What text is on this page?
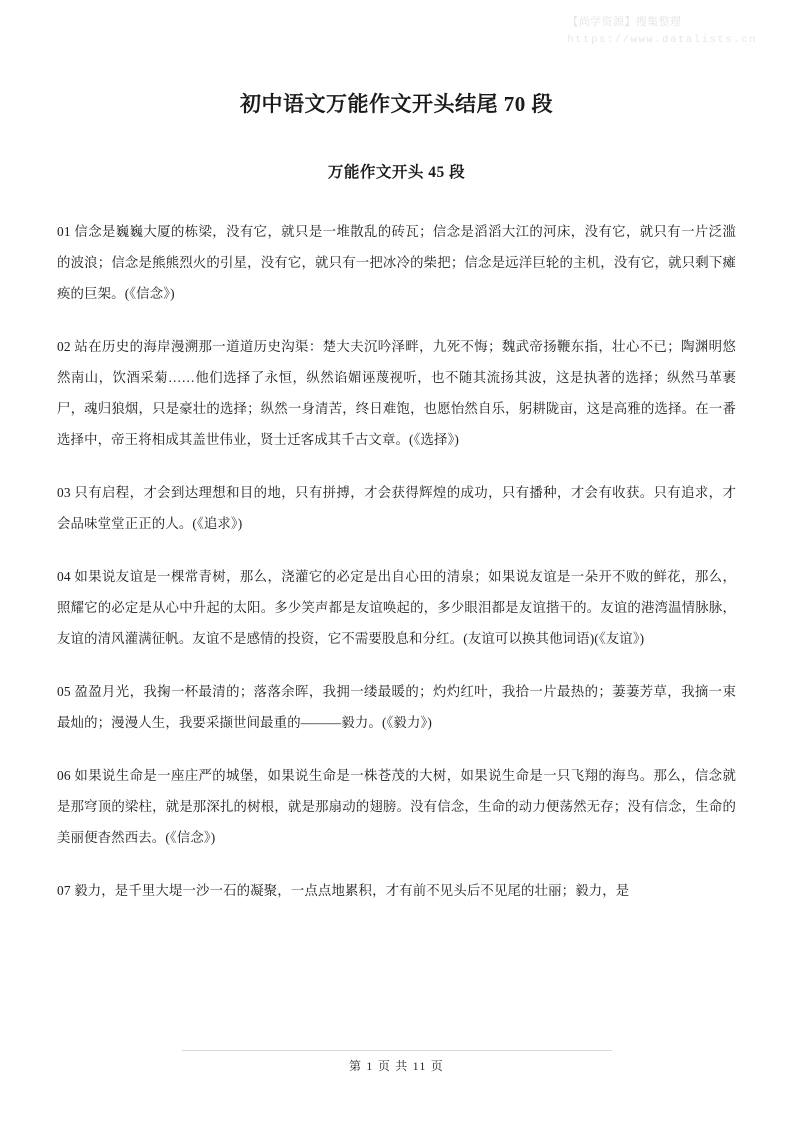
【尚学资源】搜集整理
https://www.datalists.cn
初中语文万能作文开头结尾 70 段
万能作文开头 45 段

01 信念是巍巍大厦的栋梁，没有它，就只是一堆散乱的砖瓦；信念是滔滔大江的河床，没有它，就只有一片泛滥的波浪；信念是熊熊烈火的引星，没有它，就只有一把冰冷的柴把；信念是远洋巨轮的主机，没有它，就只剩下瘫痪的巨架。(《信念》)

02 站在历史的海岸漫溯那一道道历史沟渠：楚大夫沉吟泽畔，九死不悔；魏武帝扬鞭东指，壮心不已；陶渊明悠然南山，饮酒采菊……他们选择了永恒，纵然谄媚诬蔑视听，也不随其流扬其波，这是执著的选择；纵然马革裹尸，魂归狼烟，只是豪壮的选择；纵然一身清苦，终日难饱，也愿怡然自乐，躬耕陇亩，这是高雅的选择。在一番选择中，帝王将相成其盖世伟业，贤士迁客成其千古文章。(《选择》)

03 只有启程，才会到达理想和目的地，只有拼搏，才会获得辉煌的成功，只有播种，才会有收获。只有追求，才会品味堂堂正正的人。(《追求》)

04 如果说友谊是一棵常青树，那么，浇灌它的必定是出自心田的清泉；如果说友谊是一朵开不败的鲜花，那么，照耀它的必定是从心中升起的太阳。多少笑声都是友谊唤起的，多少眼泪都是友谊揩干的。友谊的港湾温情脉脉，友谊的清风灌满征帆。友谊不是感情的投资，它不需要股息和分红。(友谊可以换其他词语)(《友谊》)

05 盈盈月光，我掬一杯最清的；落落余晖，我拥一缕最暖的；灼灼红叶，我拾一片最热的；萋萋芳草，我摘一束最灿的；漫漫人生，我要采撷世间最重的———毅力。(《毅力》)

06 如果说生命是一座庄严的城堡，如果说生命是一株苍茂的大树，如果说生命是一只飞翔的海鸟。那么，信念就是那穹顶的梁柱，就是那深扎的树根，就是那扇动的翅膀。没有信念，生命的动力便荡然无存；没有信念，生命的美丽便杳然西去。(《信念》)

07 毅力，是千里大堤一沙一石的凝聚，一点点地累积，才有前不见头后不见尾的壮丽；毅力，是

第 1 页 共 11 页
